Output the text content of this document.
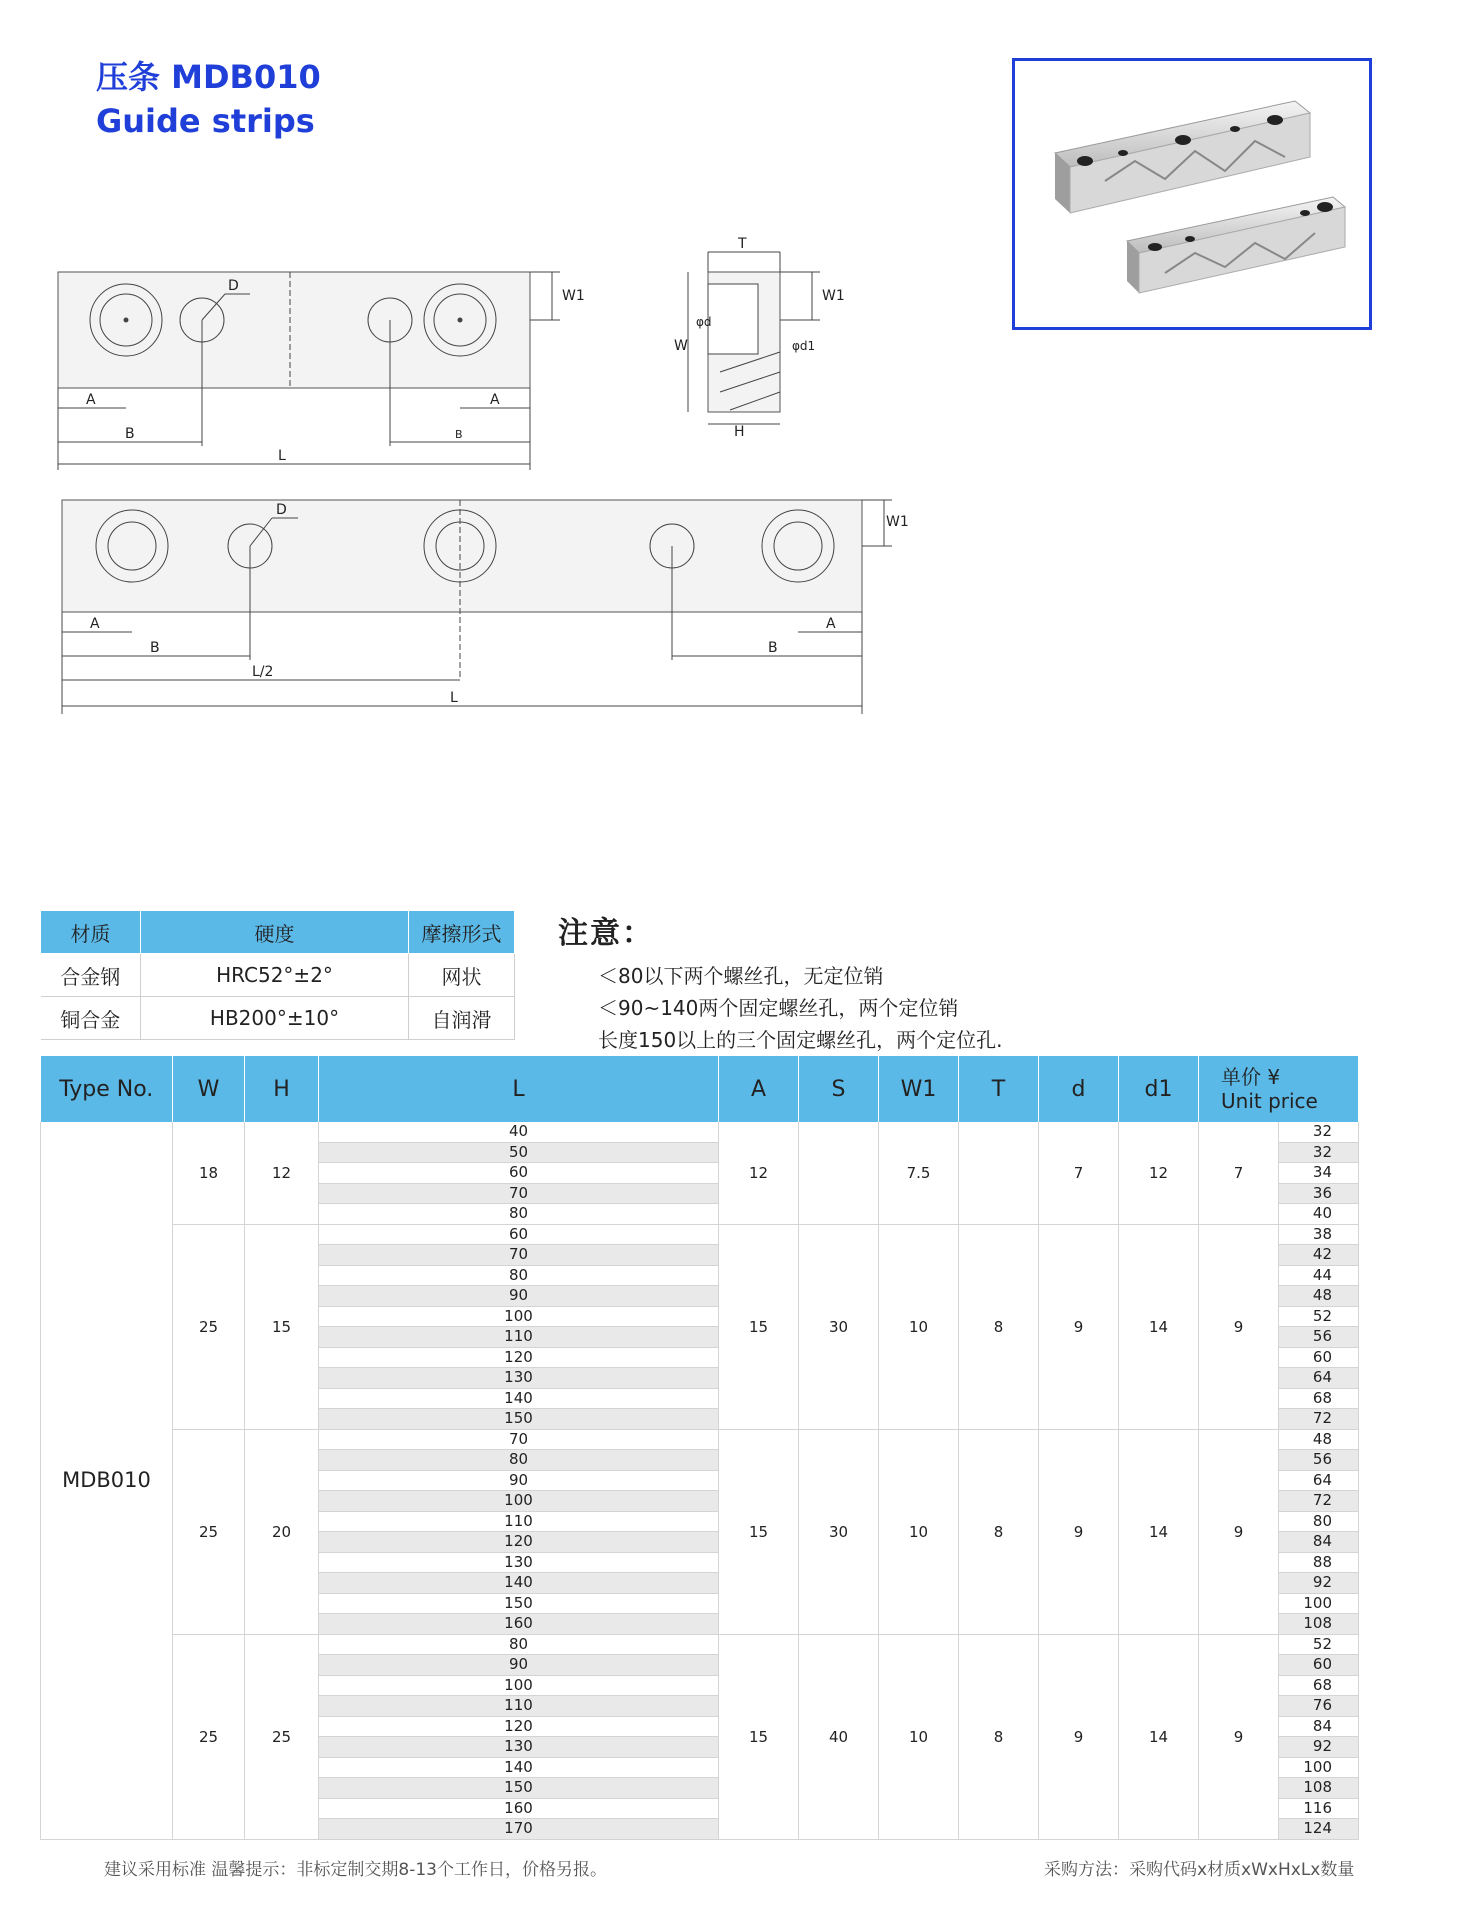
压条 MDB010
Guide strips
D
W1
A	A
B	B
L
T
W1
W
φd
φd1
H
D
W1
A	A
B	B
L/2
L
材质	硬度	摩擦形式
合金钢	HRC52°±2°	网状
铜合金	HB200°±10°	自润滑
注意：
＜80以下两个螺丝孔，无定位销
＜90~140两个固定螺丝孔，两个定位销
长度150以上的三个固定螺丝孔，两个定位孔.
Type No.	W	H	L	A	S	W1	T	d	d1	单价 ¥
Unit price	
MDB010	18	12	40	12		7.5		7	12	7	32
			50								32
			60								34
			70								36
			80								40
	25	15	60	15	30	10	8	9	14	9	38
			70								42
			80								44
			90								48
			100								52
			110								56
			120								60
			130								64
			140								68
			150								72
	25	20	70	15	30	10	8	9	14	9	48
			80								56
			90								64
			100								72
			110								80
			120								84
			130								88
			140								92
			150								100
			160								108
	25	25	80	15	40	10	8	9	14	9	52
			90								60
			100								68
			110								76
			120								84
			130								92
			140								100
			150								108
			160								116
			170								124
建议采用标准 温馨提示：非标定制交期8-13个工作日，价格另报。	采购方法：采购代码x材质xWxHxLx数量
